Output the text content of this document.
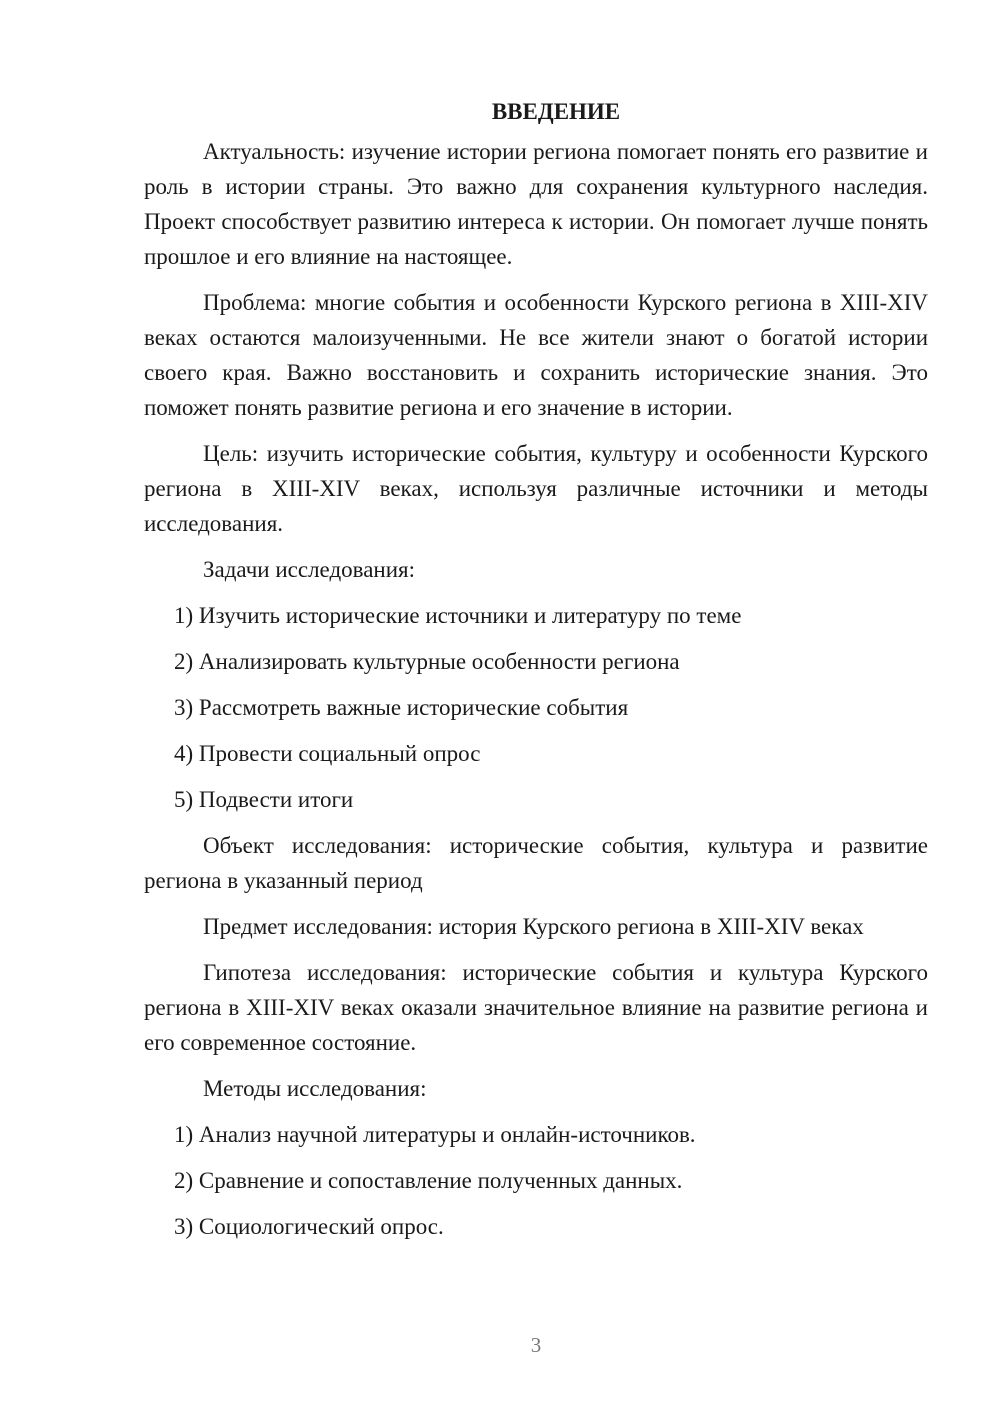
ВВЕДЕНИЕ

Актуальность: изучение истории региона помогает понять его развитие и роль в истории страны. Это важно для сохранения культурного наследия. Проект способствует развитию интереса к истории. Он помогает лучше понять прошлое и его влияние на настоящее.

Проблема: многие события и особенности Курского региона в XIII-XIV веках остаются малоизученными. Не все жители знают о богатой истории своего края. Важно восстановить и сохранить исторические знания. Это поможет понять развитие региона и его значение в истории.

Цель: изучить исторические события, культуру и особенности Курского региона в XIII-XIV веках, используя различные источники и методы исследования.

Задачи исследования:

1) Изучить исторические источники и литературу по теме

2) Анализировать культурные особенности региона

3) Рассмотреть важные исторические события

4) Провести социальный опрос

5) Подвести итоги

Объект исследования: исторические события, культура и развитие региона в указанный период

Предмет исследования: история Курского региона в XIII-XIV веках

Гипотеза исследования: исторические события и культура Курского региона в XIII-XIV веках оказали значительное влияние на развитие региона и его современное состояние.

Методы исследования:

1) Анализ научной литературы и онлайн-источников.

2) Сравнение и сопоставление полученных данных.

3) Социологический опрос.

3
